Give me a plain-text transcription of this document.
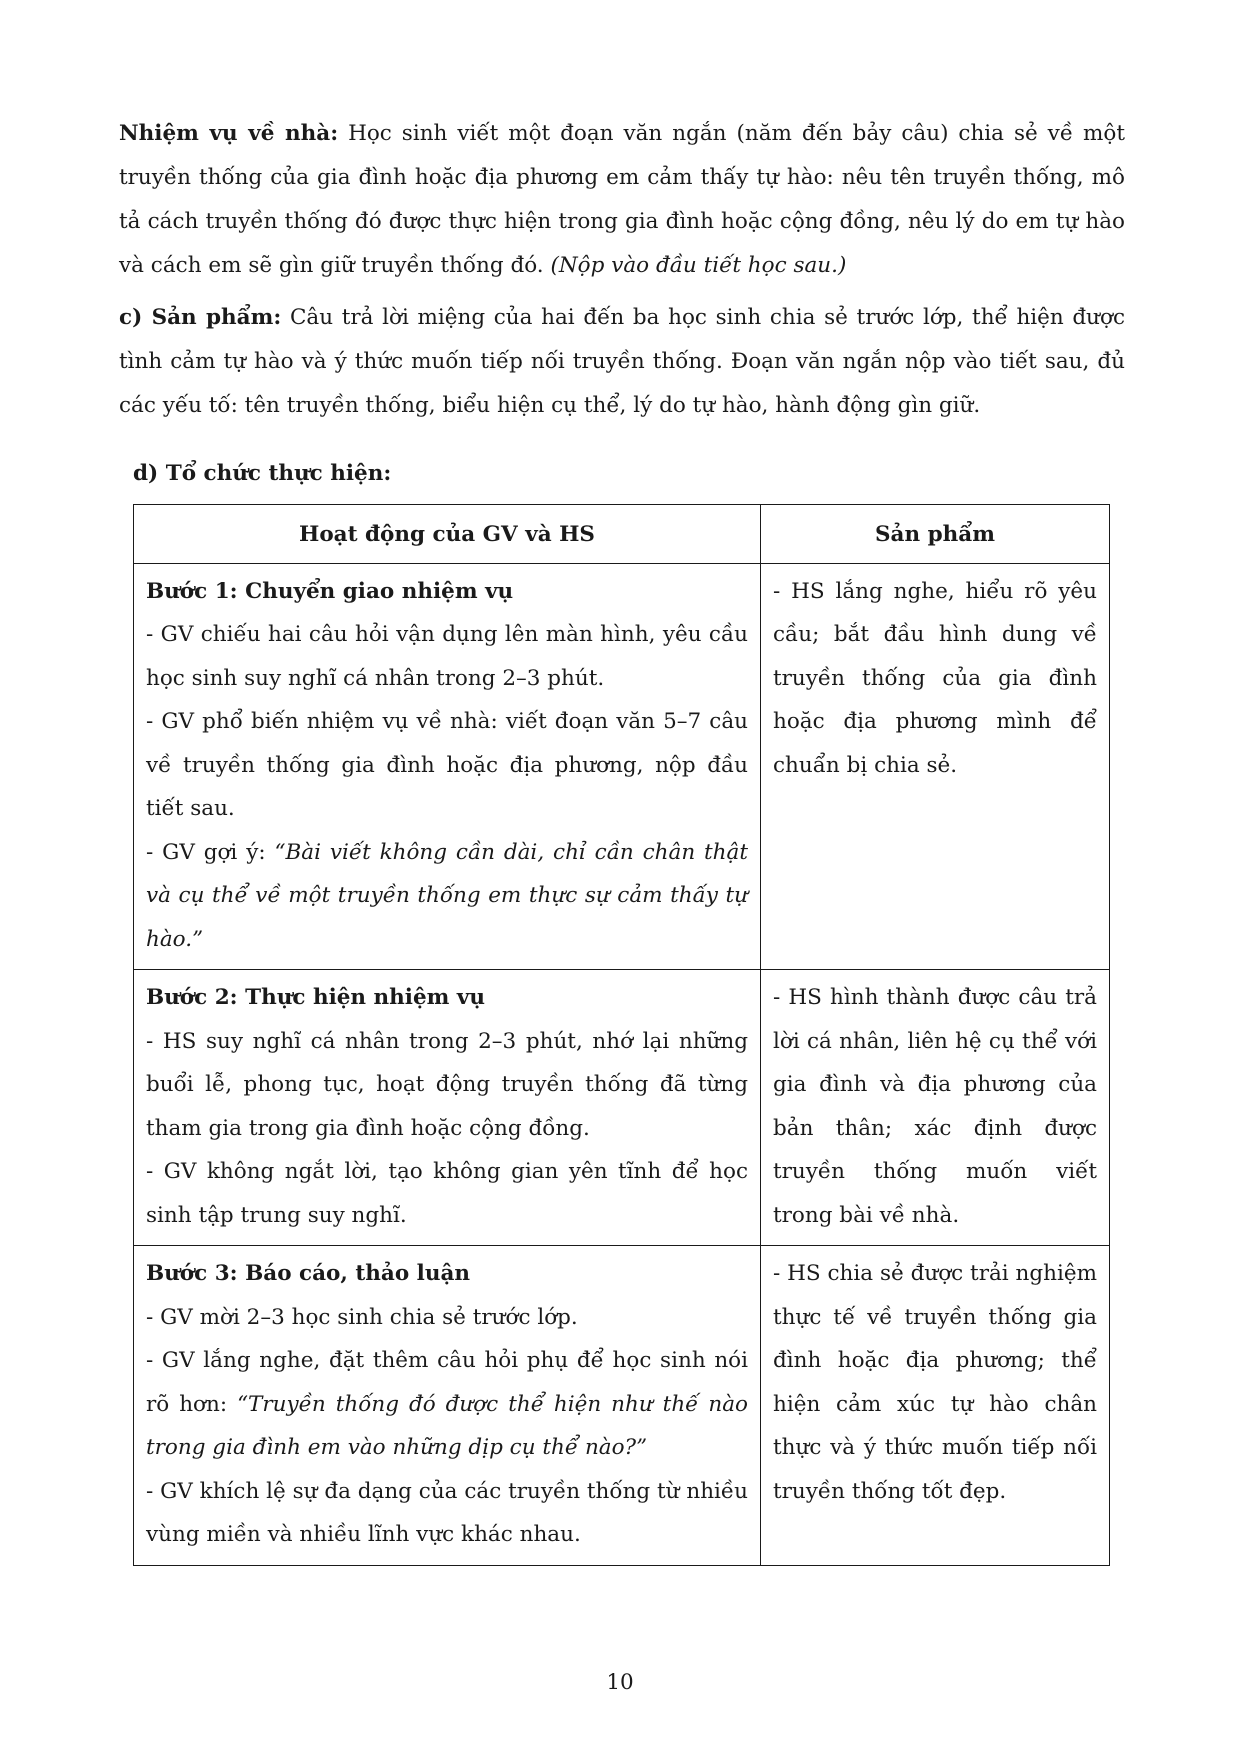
Nhiệm vụ về nhà: Học sinh viết một đoạn văn ngắn (năm đến bảy câu) chia sẻ về một truyền thống của gia đình hoặc địa phương em cảm thấy tự hào: nêu tên truyền thống, mô tả cách truyền thống đó được thực hiện trong gia đình hoặc cộng đồng, nêu lý do em tự hào và cách em sẽ gìn giữ truyền thống đó. (Nộp vào đầu tiết học sau.)

c) Sản phẩm: Câu trả lời miệng của hai đến ba học sinh chia sẻ trước lớp, thể hiện được tình cảm tự hào và ý thức muốn tiếp nối truyền thống. Đoạn văn ngắn nộp vào tiết sau, đủ các yếu tố: tên truyền thống, biểu hiện cụ thể, lý do tự hào, hành động gìn giữ.

d) Tổ chức thực hiện:

Hoạt động của GV và HS	Sản phẩm

Bước 1: Chuyển giao nhiệm vụ
- GV chiếu hai câu hỏi vận dụng lên màn hình, yêu cầu học sinh suy nghĩ cá nhân trong 2–3 phút.
- GV phổ biến nhiệm vụ về nhà: viết đoạn văn 5–7 câu về truyền thống gia đình hoặc địa phương, nộp đầu tiết sau.
- GV gợi ý: “Bài viết không cần dài, chỉ cần chân thật và cụ thể về một truyền thống em thực sự cảm thấy tự hào.”	- HS lắng nghe, hiểu rõ yêu cầu; bắt đầu hình dung về truyền thống của gia đình hoặc địa phương mình để chuẩn bị chia sẻ.

Bước 2: Thực hiện nhiệm vụ
- HS suy nghĩ cá nhân trong 2–3 phút, nhớ lại những buổi lễ, phong tục, hoạt động truyền thống đã từng tham gia trong gia đình hoặc cộng đồng.
- GV không ngắt lời, tạo không gian yên tĩnh để học sinh tập trung suy nghĩ.	- HS hình thành được câu trả lời cá nhân, liên hệ cụ thể với gia đình và địa phương của bản thân; xác định được truyền thống muốn viết trong bài về nhà.

Bước 3: Báo cáo, thảo luận
- GV mời 2–3 học sinh chia sẻ trước lớp.
- GV lắng nghe, đặt thêm câu hỏi phụ để học sinh nói rõ hơn: “Truyền thống đó được thể hiện như thế nào trong gia đình em vào những dịp cụ thể nào?”
- GV khích lệ sự đa dạng của các truyền thống từ nhiều vùng miền và nhiều lĩnh vực khác nhau.	- HS chia sẻ được trải nghiệm thực tế về truyền thống gia đình hoặc địa phương; thể hiện cảm xúc tự hào chân thực và ý thức muốn tiếp nối truyền thống tốt đẹp.
10
